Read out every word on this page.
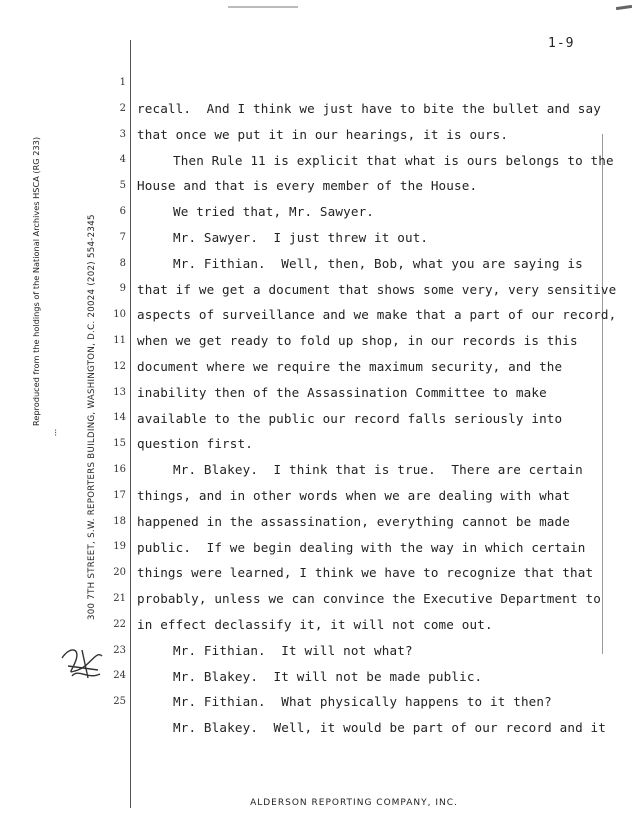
1-9
Reproduced from the holdings of the National Archives HSCA (RG 233)	300 7TH STREET, S.W. REPORTERS BUILDING, WASHINGTON, D.C. 20024 (202) 554-2345
⁝
1
2
3
4
5
6
7
8
9
10
11
12
13
14
15
16
17
18
19
20
21
22
23
24
25
recall.  And I think we just have to bite the bullet and say
that once we put it in our hearings, it is ours.
Then Rule 11 is explicit that what is ours belongs to the
House and that is every member of the House.
We tried that, Mr. Sawyer.
Mr. Sawyer.  I just threw it out.
Mr. Fithian.  Well, then, Bob, what you are saying is
that if we get a document that shows some very, very sensitive
aspects of surveillance and we make that a part of our record,
when we get ready to fold up shop, in our records is this
document where we require the maximum security, and the
inability then of the Assassination Committee to make
available to the public our record falls seriously into
question first.
Mr. Blakey.  I think that is true.  There are certain
things, and in other words when we are dealing with what
happened in the assassination, everything cannot be made
public.  If we begin dealing with the way in which certain
things were learned, I think we have to recognize that that
probably, unless we can convince the Executive Department to
in effect declassify it, it will not come out.
Mr. Fithian.  It will not what?
Mr. Blakey.  It will not be made public.
Mr. Fithian.  What physically happens to it then?
Mr. Blakey.  Well, it would be part of our record and it
ALDERSON REPORTING COMPANY, INC.
